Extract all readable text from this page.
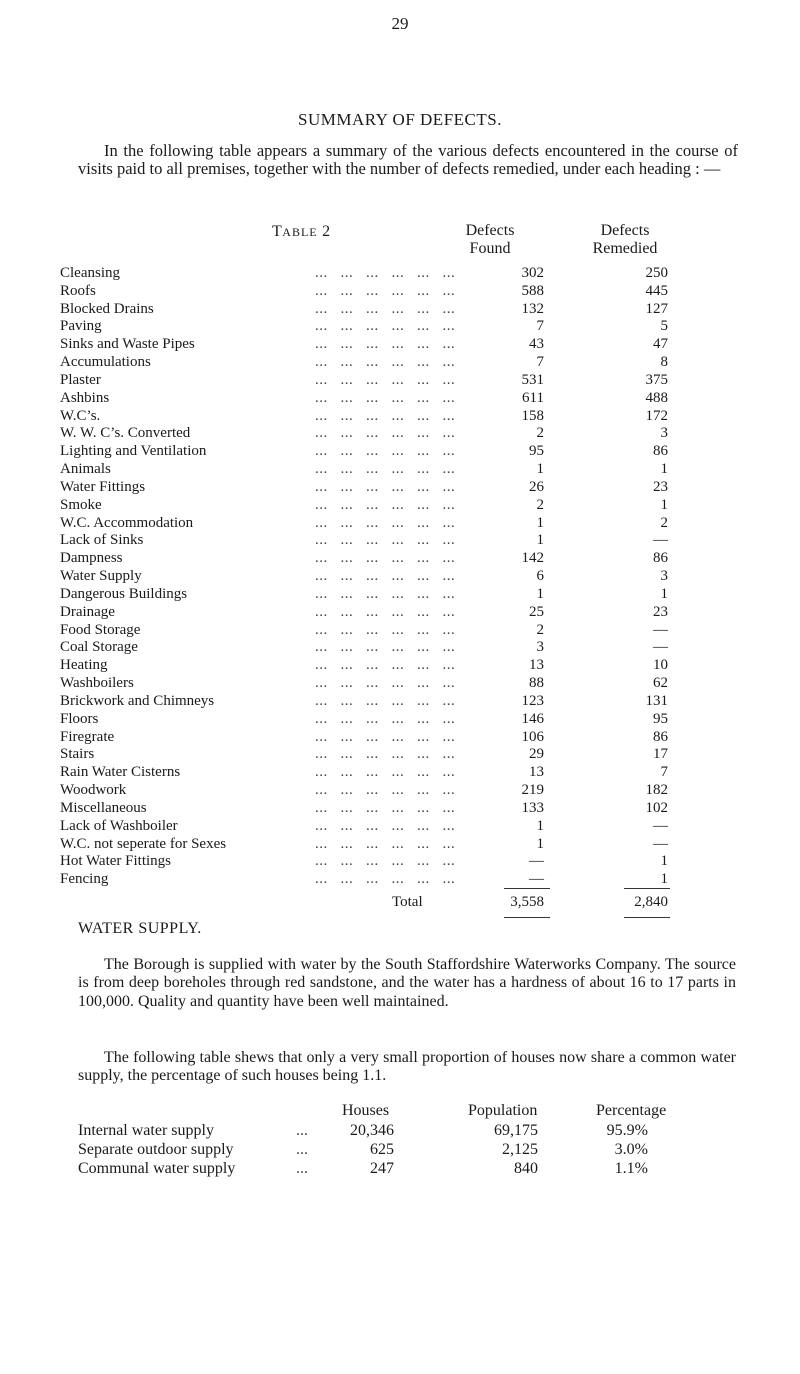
29
SUMMARY OF DEFECTS.

In the following table appears a summary of the various defects encountered in the course of visits paid to all premises, together with the number of defects remedied, under each heading : —

TABLE 2	Defects
Found
Defects
Remedied
Cleansing	...   ...   ...   ...   ...   ...	302	250
Roofs	...   ...   ...   ...   ...   ...	588	445
Blocked Drains	...   ...   ...   ...   ...   ...	132	127
Paving	...   ...   ...   ...   ...   ...	7	5
Sinks and Waste Pipes	...   ...   ...   ...   ...   ...	43	47
Accumulations	...   ...   ...   ...   ...   ...	7	8
Plaster	...   ...   ...   ...   ...   ...	531	375
Ashbins	...   ...   ...   ...   ...   ...	611	488
W.C’s.	...   ...   ...   ...   ...   ...	158	172
W. W. C’s. Converted	...   ...   ...   ...   ...   ...	2	3
Lighting and Ventilation	...   ...   ...   ...   ...   ...	95	86
Animals	...   ...   ...   ...   ...   ...	1	1
Water Fittings	...   ...   ...   ...   ...   ...	26	23
Smoke	...   ...   ...   ...   ...   ...	2	1
W.C. Accommodation	...   ...   ...   ...   ...   ...	1	2
Lack of Sinks	...   ...   ...   ...   ...   ...	1	—
Dampness	...   ...   ...   ...   ...   ...	142	86
Water Supply	...   ...   ...   ...   ...   ...	6	3
Dangerous Buildings	...   ...   ...   ...   ...   ...	1	1
Drainage	...   ...   ...   ...   ...   ...	25	23
Food Storage	...   ...   ...   ...   ...   ...	2	—
Coal Storage	...   ...   ...   ...   ...   ...	3	—
Heating	...   ...   ...   ...   ...   ...	13	10
Washboilers	...   ...   ...   ...   ...   ...	88	62
Brickwork and Chimneys	...   ...   ...   ...   ...   ...	123	131
Floors	...   ...   ...   ...   ...   ...	146	95
Firegrate	...   ...   ...   ...   ...   ...	106	86
Stairs	...   ...   ...   ...   ...   ...	29	17
Rain Water Cisterns	...   ...   ...   ...   ...   ...	13	7
Woodwork	...   ...   ...   ...   ...   ...	219	182
Miscellaneous	...   ...   ...   ...   ...   ...	133	102
Lack of Washboiler	...   ...   ...   ...   ...   ...	1	—
W.C. not seperate for Sexes	...   ...   ...   ...   ...   ...	1	—
Hot Water Fittings	...   ...   ...   ...   ...   ...	—	1
Fencing	...   ...   ...   ...   ...   ...	—	1
Total	3,558	2,840
WATER SUPPLY.

The Borough is supplied with water by the South Staffordshire Waterworks Company. The source is from deep boreholes through red sandstone, and the water has a hardness of about 16 to 17 parts in 100,000. Quality and quantity have been well maintained.

The following table shews that only a very small proportion of houses now share a common water supply, the percentage of such houses being 1.1.

Houses	Population	Percentage
Internal water supply	...	20,346	69,175	95.9%
Separate outdoor supply	...	625	2,125	3.0%
Communal water supply	...	247	840	1.1%
